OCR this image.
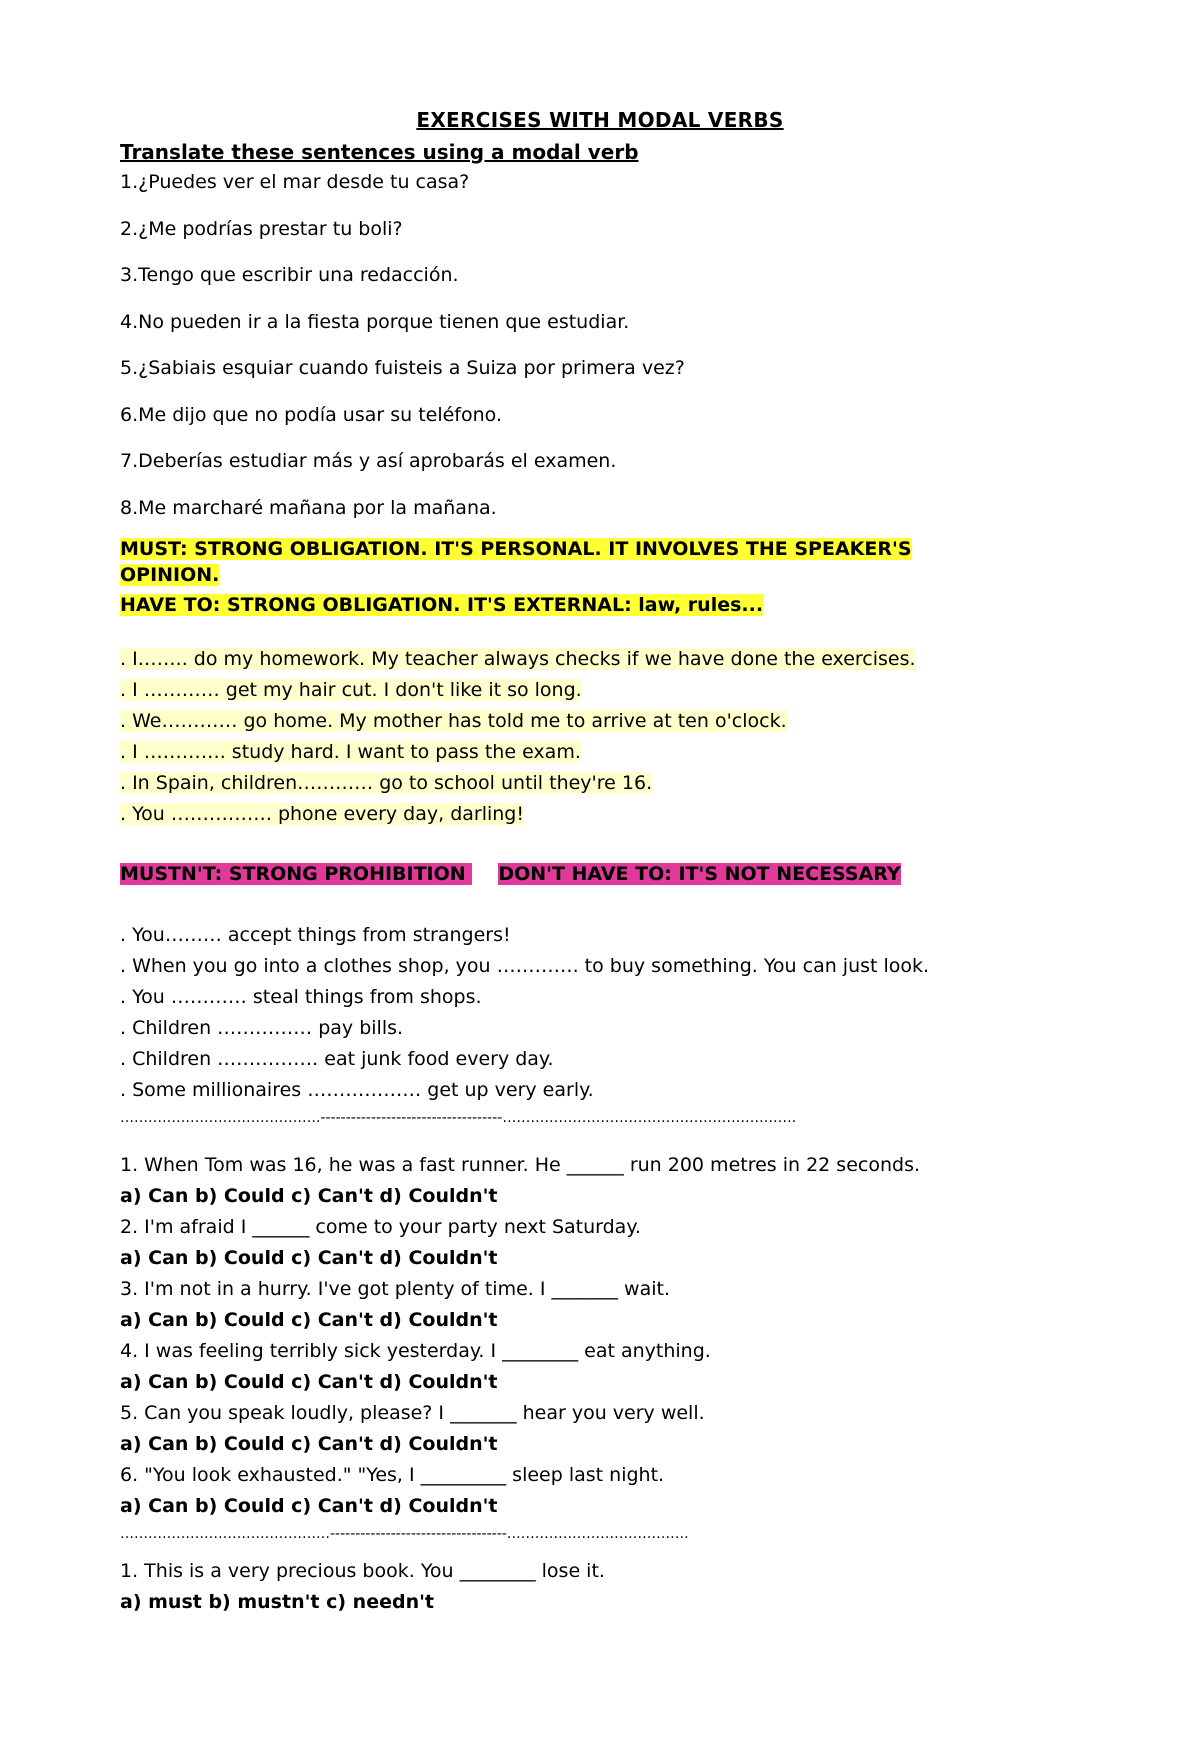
EXERCISES WITH MODAL VERBS
Translate these sentences using a modal verb
1.¿Puedes ver el mar desde tu casa?
2.¿Me podrías prestar tu boli?
3.Tengo que escribir una redacción.
4.No pueden ir a la fiesta porque tienen que estudiar.
5.¿Sabiais esquiar cuando fuisteis a Suiza por primera vez?
6.Me dijo que no podía usar su teléfono.
7.Deberías estudiar más y así aprobarás el examen.
8.Me marcharé mañana por la mañana.
MUST: STRONG OBLIGATION. IT'S PERSONAL. IT INVOLVES THE SPEAKER'S
OPINION.
HAVE TO: STRONG OBLIGATION. IT'S EXTERNAL: law, rules...
. I…….. do my homework. My teacher always checks if we have done the exercises.
. I ………… get my hair cut. I don't like it so long.
. We………… go home. My mother has told me to arrive at ten o'clock.
. I …………. study hard. I want to pass the exam.
. In Spain, children………… go to school until they're 16.
. You ……………. phone every day, darling!
MUSTN'T: STRONG PROHIBITION DON'T HAVE TO: IT'S NOT NECESSARY
. You……… accept things from strangers!
. When you go into a clothes shop, you …………. to buy something. You can just look.
. You ………… steal things from shops.
. Children …………… pay bills.
. Children ……………. eat junk food every day.
. Some millionaires ……………… get up very early.
…………………………………….------------------------------------………………………………………………………
1. When Tom was 16, he was a fast runner. He ______ run 200 metres in 22 seconds.
a) Can b) Could c) Can't d) Couldn't
2. I'm afraid I ______ come to your party next Saturday.
a) Can b) Could c) Can't d) Couldn't
3. I'm not in a hurry. I've got plenty of time. I _______ wait.
a) Can b) Could c) Can't d) Couldn't
4. I was feeling terribly sick yesterday. I ________ eat anything.
a) Can b) Could c) Can't d) Couldn't
5. Can you speak loudly, please? I _______ hear you very well.
a) Can b) Could c) Can't d) Couldn't
6. "You look exhausted." "Yes, I _________ sleep last night.
a) Can b) Could c) Can't d) Couldn't
………………………………………-----------------------------------…………………………………
1. This is a very precious book. You ________ lose it.
a) must b) mustn't c) needn't
